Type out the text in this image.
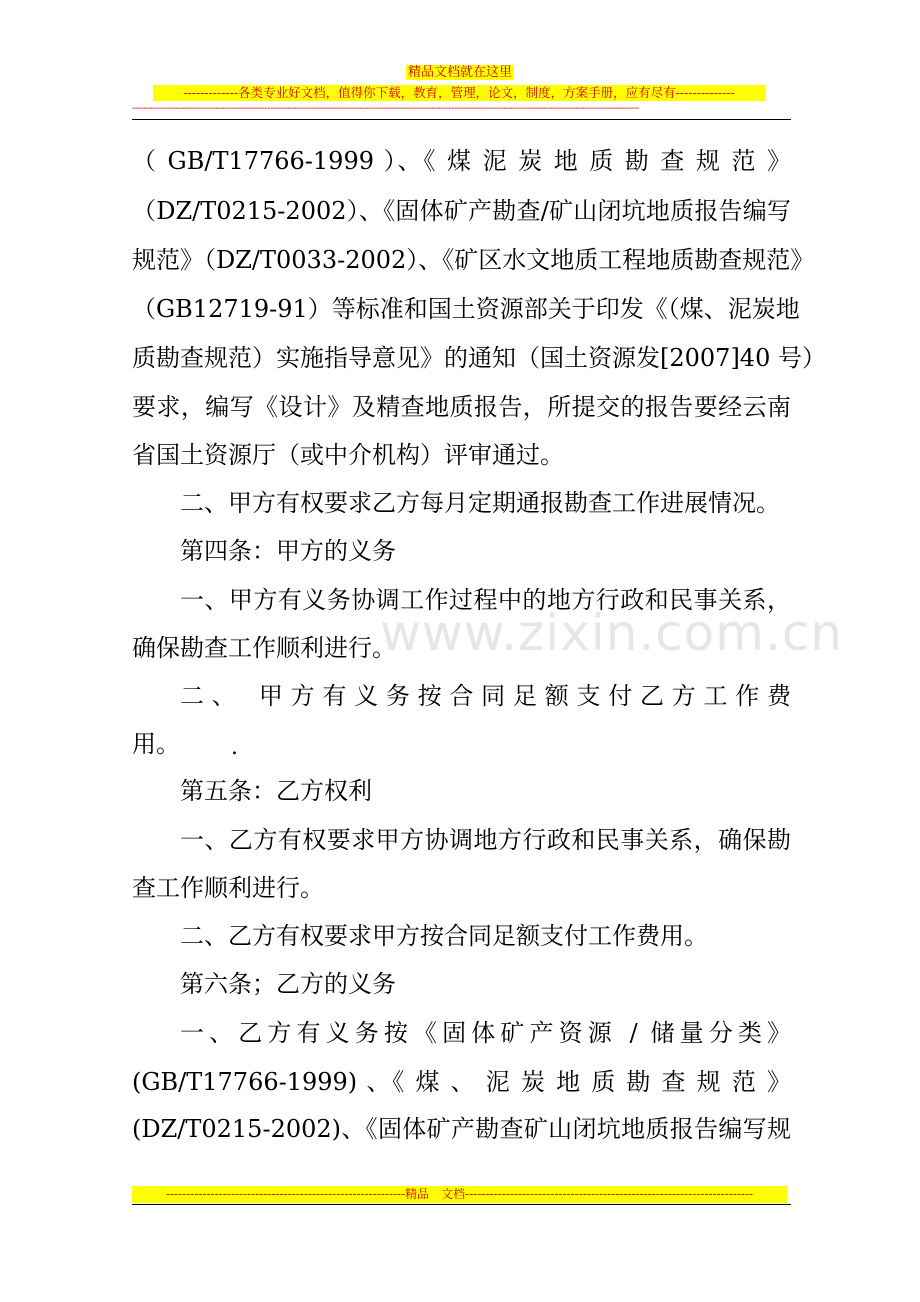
精品文档就在这里
-------------各类专业好文档，值得你下载，教育，管理，论文，制度，方案手册，应有尽有--------------
--------------------------------------------------------------------------------------------------------------------------------------------------------------------------------
www.zixin.com.cn
（ GB/T17766-1999 ）、《 煤 泥 炭 地 质 勘 查 规 范 》
（DZ/T0215-2002）、《固体矿产勘查/矿山闭坑地质报告编写
规范》（DZ/T0033-2002）、《矿区水文地质工程地质勘查规范》
（GB12719-91）等标准和国土资源部关于印发《（煤、泥炭地
质勘查规范）实施指导意见》的通知（国土资源发[2007]40 号）
要求，编写《设计》及精查地质报告，所提交的报告要经云南
省国土资源厅（或中介机构）评审通过。
二、甲方有权要求乙方每月定期通报勘查工作进展情况。
第四条：甲方的义务
一、甲方有义务协调工作过程中的地方行政和民事关系，
确保勘查工作顺利进行。
二、 甲方有义务按合同足额支付乙方工作费
用。	.
第五条：乙方权利
一、乙方有权要求甲方协调地方行政和民事关系，确保勘
查工作顺利进行。
二、乙方有权要求甲方按合同足额支付工作费用。
第六条；乙方的义务
一、乙方有义务按《固体矿产资源 / 储量分类》
(GB/T17766-1999) 、《 煤 、 泥 炭 地 质 勘 查 规 范 》
(DZ/T0215-2002)、《固体矿产勘查矿山闭坑地质报告编写规
-----------------------------------------------------------精品　文档-----------------------------------------------------------------------
